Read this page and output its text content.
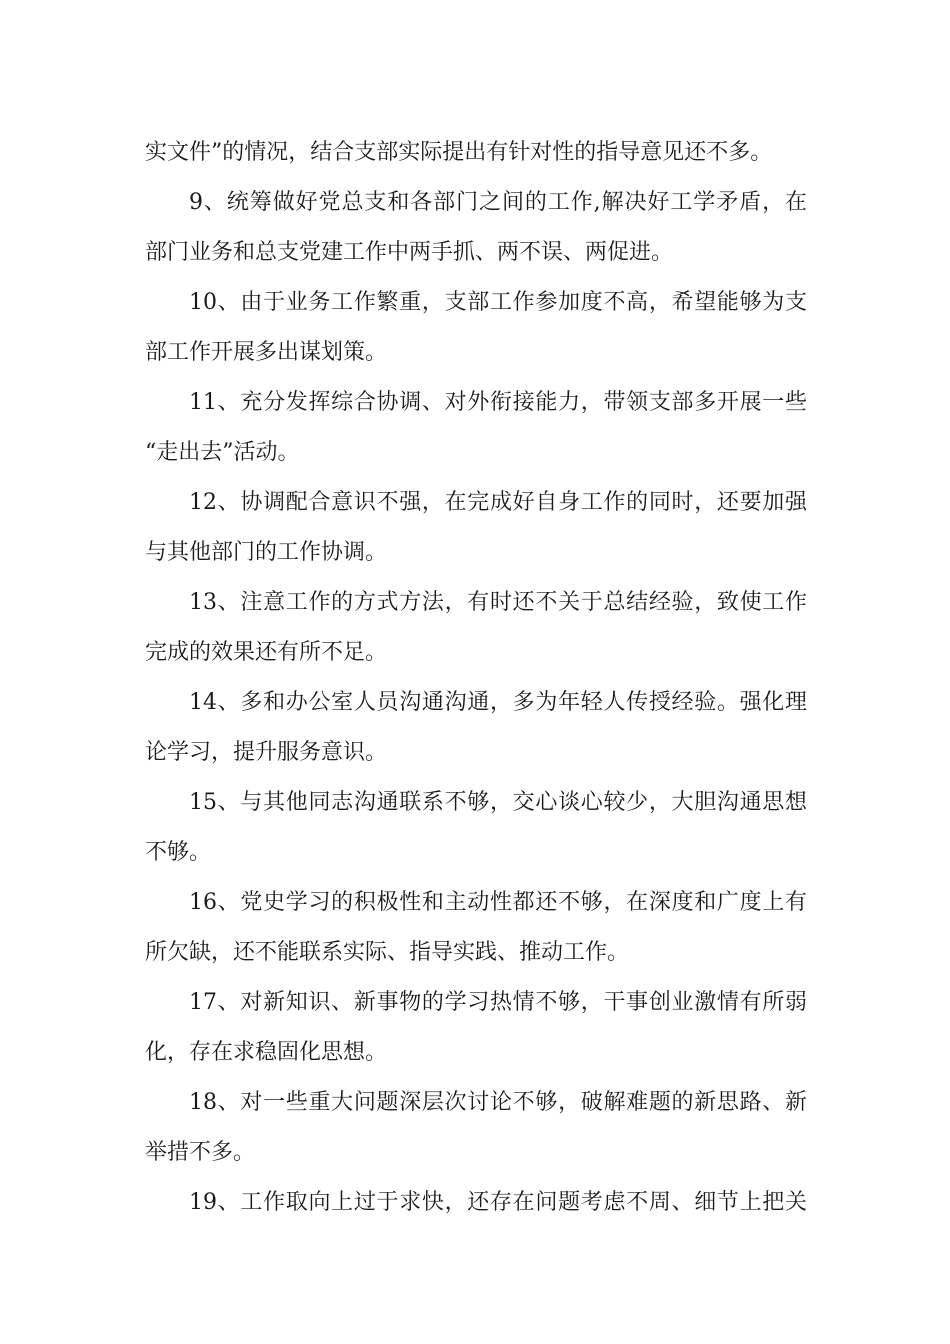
实文件”的情况，结合支部实际提出有针对性的指导意见还不多。
9、统筹做好党总支和各部门之间的工作,解决好工学矛盾，在
部门业务和总支党建工作中两手抓、两不误、两促进。
10、由于业务工作繁重，支部工作参加度不高，希望能够为支
部工作开展多出谋划策。
11、充分发挥综合协调、对外衔接能力，带领支部多开展一些
“走出去”活动。
12、协调配合意识不强，在完成好自身工作的同时，还要加强
与其他部门的工作协调。
13、注意工作的方式方法，有时还不关于总结经验，致使工作
完成的效果还有所不足。
14、多和办公室人员沟通沟通，多为年轻人传授经验。强化理
论学习，提升服务意识。
15、与其他同志沟通联系不够，交心谈心较少，大胆沟通思想
不够。
16、党史学习的积极性和主动性都还不够，在深度和广度上有
所欠缺，还不能联系实际、指导实践、推动工作。
17、对新知识、新事物的学习热情不够，干事创业激情有所弱
化，存在求稳固化思想。
18、对一些重大问题深层次讨论不够，破解难题的新思路、新
举措不多。
19、工作取向上过于求快，还存在问题考虑不周、细节上把关
